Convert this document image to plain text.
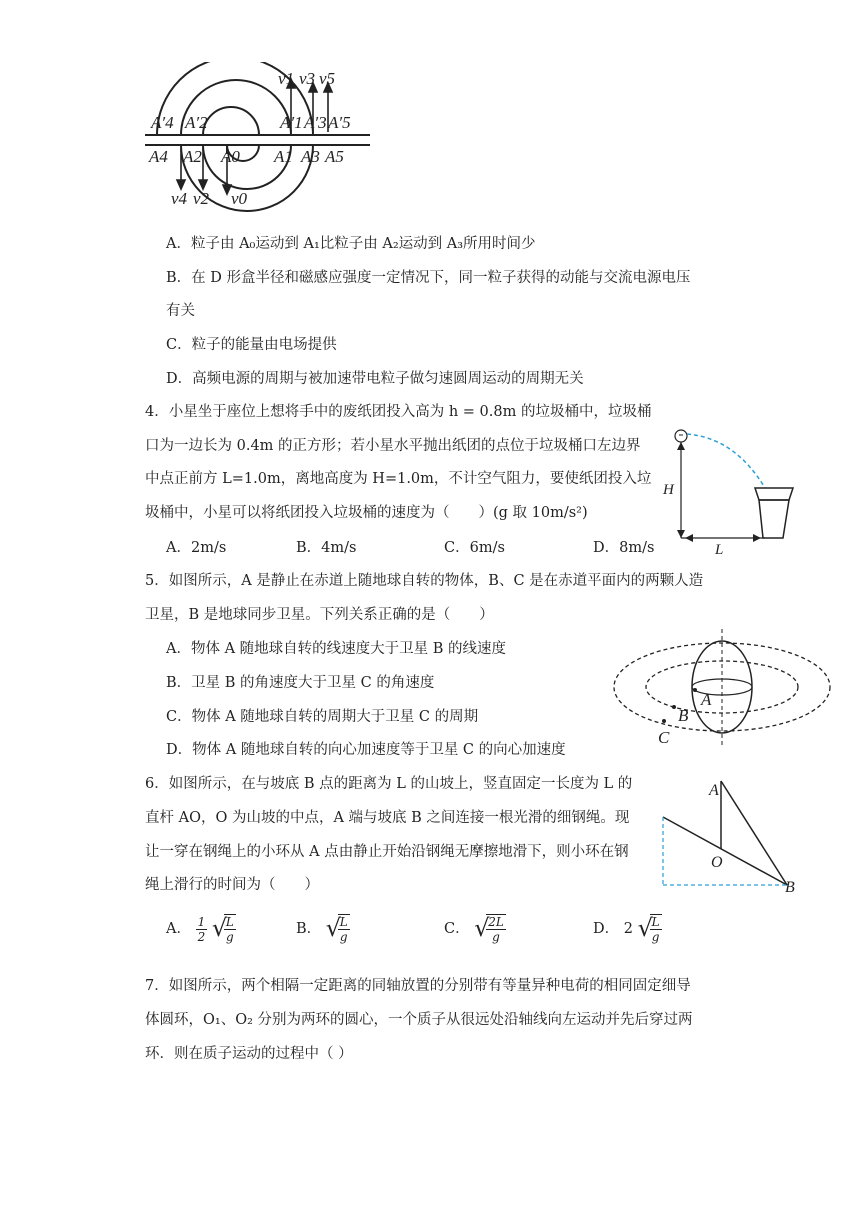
A′4 A′2	A′1 A′3 A′5
A4 A2 A0 A1 A3 A5
v1 v3 v5
v4 v2 v0
A．粒子由 A₀运动到 A₁比粒子由 A₂运动到 A₃所用时间少
B．在 D 形盒半径和磁感应强度一定情况下，同一粒子获得的动能与交流电源电压
有关
C．粒子的能量由电场提供
D．高频电源的周期与被加速带电粒子做匀速圆周运动的周期无关
4．小星坐于座位上想将手中的废纸团投入高为 h = 0.8m 的垃圾桶中，垃圾桶
口为一边长为 0.4m 的正方形；若小星水平抛出纸团的点位于垃圾桶口左边界
中点正前方 L=1.0m，离地高度为 H=1.0m，不计空气阻力，要使纸团投入垃
圾桶中，小星可以将纸团投入垃圾桶的速度为（　　）(g 取 10m/s²)
A．2m/s	B．4m/s	C．6m/s	D．8m/s
H
L
5．如图所示，A 是静止在赤道上随地球自转的物体，B、C 是在赤道平面内的两颗人造
卫星，B 是地球同步卫星。下列关系正确的是（　　）
A．物体 A 随地球自转的线速度大于卫星 B 的线速度
B．卫星 B 的角速度大于卫星 C 的角速度
C．物体 A 随地球自转的周期大于卫星 C 的周期
D．物体 A 随地球自转的向心加速度等于卫星 C 的向心加速度
A
B
C
6．如图所示，在与坡底 B 点的距离为 L 的山坡上，竖直固定一长度为 L 的
直杆 AO，O 为山坡的中点，A 端与坡底 B 之间连接一根光滑的细钢绳。现
让一穿在钢绳上的小环从 A 点由静止开始沿钢绳无摩擦地滑下，则小环在钢
绳上滑行的时间为（　　）
A
O
B
A． $\frac{1}{2}$
√ $\frac{L}{g}$	B． √ $\frac{L}{g}$	C． √ $\frac{2L}{g}$	D． 2 √ $\frac{L}{g}$
7．如图所示，两个相隔一定距离的同轴放置的分别带有等量异种电荷的相同固定细导
体圆环，O₁、O₂ 分别为两环的圆心，一个质子从很远处沿轴线向左运动并先后穿过两
环．则在质子运动的过程中（ ）
